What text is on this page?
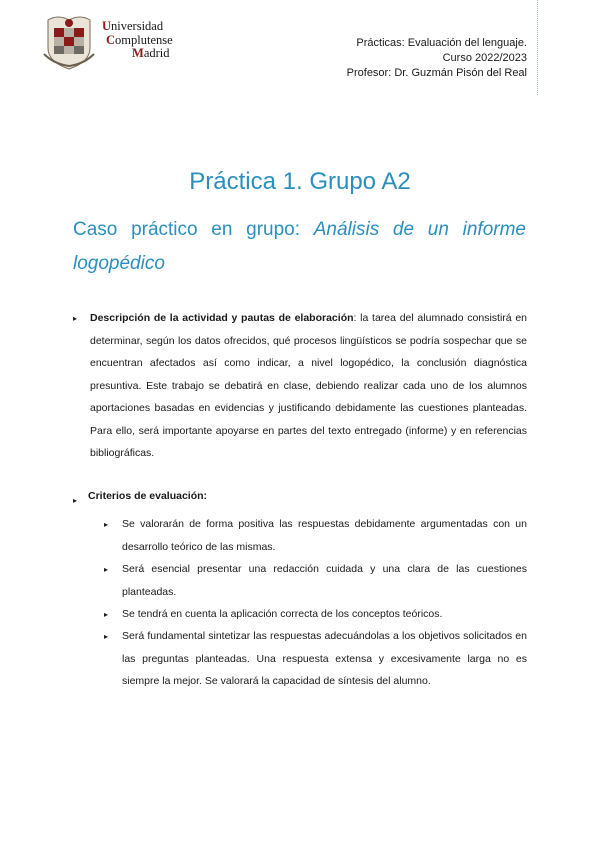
Universidad
Complutense
Madrid
Prácticas: Evaluación del lenguaje.
Curso 2022/2023
Profesor: Dr. Guzmán Pisón del Real
Práctica 1. Grupo A2
Caso práctico en grupo: Análisis de un informe logopédico
▸ Descripción de la actividad y pautas de elaboración: la tarea del alumnado consistirá en determinar, según los datos ofrecidos, qué procesos lingüísticos se podría sospechar que se encuentran afectados así como indicar, a nivel logopédico, la conclusión diagnóstica presuntiva. Este trabajo se debatirá en clase, debiendo realizar cada uno de los alumnos aportaciones basadas en evidencias y justificando debidamente las cuestiones planteadas. Para ello, será importante apoyarse en partes del texto entregado (informe) y en referencias bibliográficas.
▸ Criterios de evaluación:
▸ Se valorarán de forma positiva las respuestas debidamente argumentadas con un desarrollo teórico de las mismas.
▸ Será esencial presentar una redacción cuidada y una clara de las cuestiones planteadas.
▸ Se tendrá en cuenta la aplicación correcta de los conceptos teóricos.
▸ Será fundamental sintetizar las respuestas adecuándolas a los objetivos solicitados en las preguntas planteadas. Una respuesta extensa y excesivamente larga no es siempre la mejor. Se valorará la capacidad de síntesis del alumno.
